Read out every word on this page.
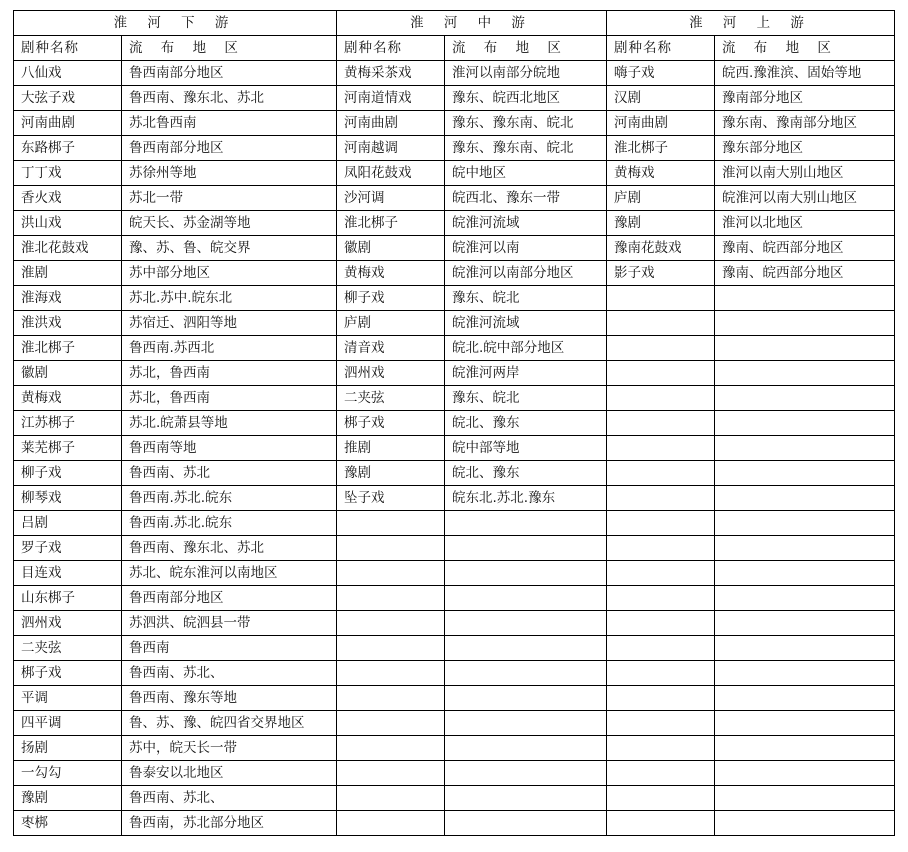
淮 河 下 游		淮 河 中 游		淮 河 上 游	
剧种名称	流 布 地 区	剧种名称	流 布 地 区	剧种名称	流 布 地 区
八仙戏	鲁西南部分地区	黄梅采茶戏	淮河以南部分皖地	嗨子戏	皖西.豫淮滨、固始等地
大弦子戏	鲁西南、豫东北、苏北	河南道情戏	豫东、皖西北地区	汉剧	豫南部分地区
河南曲剧	苏北鲁西南	河南曲剧	豫东、豫东南、皖北	河南曲剧	豫东南、豫南部分地区
东路梆子	鲁西南部分地区	河南越调	豫东、豫东南、皖北	淮北梆子	豫东部分地区
丁丁戏	苏徐州等地	凤阳花鼓戏	皖中地区	黄梅戏	淮河以南大别山地区
香火戏	苏北一带	沙河调	皖西北、豫东一带	庐剧	皖淮河以南大别山地区
洪山戏	皖天长、苏金湖等地	淮北梆子	皖淮河流域	豫剧	淮河以北地区
淮北花鼓戏	豫、苏、鲁、皖交界	徽剧	皖淮河以南	豫南花鼓戏	豫南、皖西部分地区
淮剧	苏中部分地区	黄梅戏	皖淮河以南部分地区	影子戏	豫南、皖西部分地区
淮海戏	苏北.苏中.皖东北	柳子戏	豫东、皖北		
淮洪戏	苏宿迁、泗阳等地	庐剧	皖淮河流域		
淮北梆子	鲁西南.苏西北	清音戏	皖北.皖中部分地区		
徽剧	苏北，鲁西南	泗州戏	皖淮河两岸		
黄梅戏	苏北，鲁西南	二夹弦	豫东、皖北		
江苏梆子	苏北.皖萧县等地	梆子戏	皖北、豫东		
莱芜梆子	鲁西南等地	推剧	皖中部等地		
柳子戏	鲁西南、苏北	豫剧	皖北、豫东		
柳琴戏	鲁西南.苏北.皖东	坠子戏	皖东北.苏北.豫东		
吕剧	鲁西南.苏北.皖东				
罗子戏	鲁西南、豫东北、苏北				
目连戏	苏北、皖东淮河以南地区				
山东梆子	鲁西南部分地区				
泗州戏	苏泗洪、皖泗县一带				
二夹弦	鲁西南				
梆子戏	鲁西南、苏北、				
平调	鲁西南、豫东等地				
四平调	鲁、苏、豫、皖四省交界地区				
扬剧	苏中，皖天长一带				
一勾勾	鲁泰安以北地区				
豫剧	鲁西南、苏北、				
枣梆	鲁西南，苏北部分地区				
